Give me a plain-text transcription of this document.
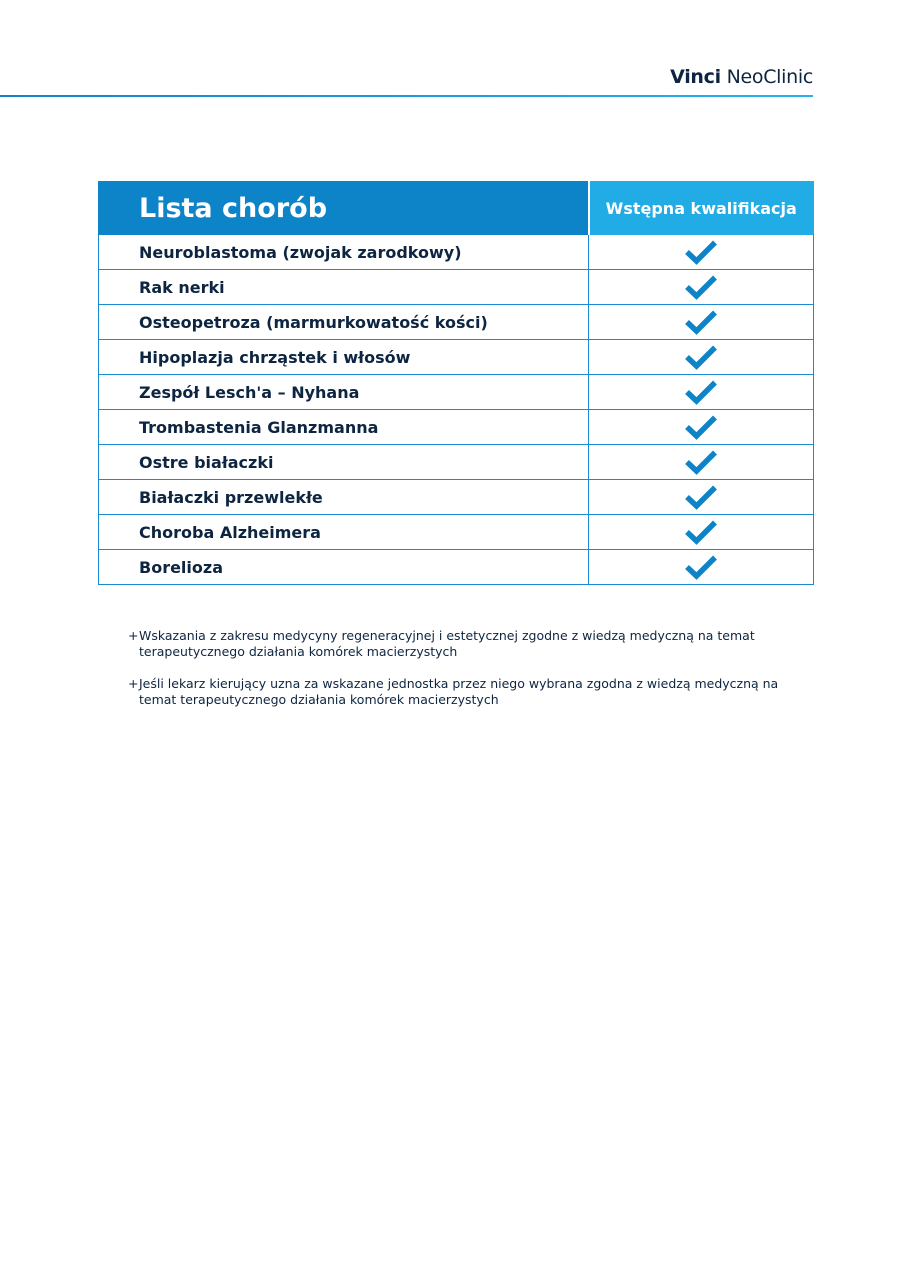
Vinci NeoClinic
Lista chorób	Wstępna kwalifikacja
Neuroblastoma (zwojak zarodkowy)	
Rak nerki	
Osteopetroza (marmurkowatość kości)	
Hipoplazja chrząstek i włosów	
Zespół Lesch'a – Nyhana	
Trombastenia Glanzmanna	
Ostre białaczki	
Białaczki przewlekłe	
Choroba Alzheimera	
Borelioza	
+ Wskazania z zakresu medycyny regeneracyjnej i estetycznej zgodne z wiedzą medyczną na temat terapeutycznego działania komórek macierzystych
+ Jeśli lekarz kierujący uzna za wskazane jednostka przez niego wybrana zgodna z wiedzą medyczną na temat terapeutycznego działania komórek macierzystych
